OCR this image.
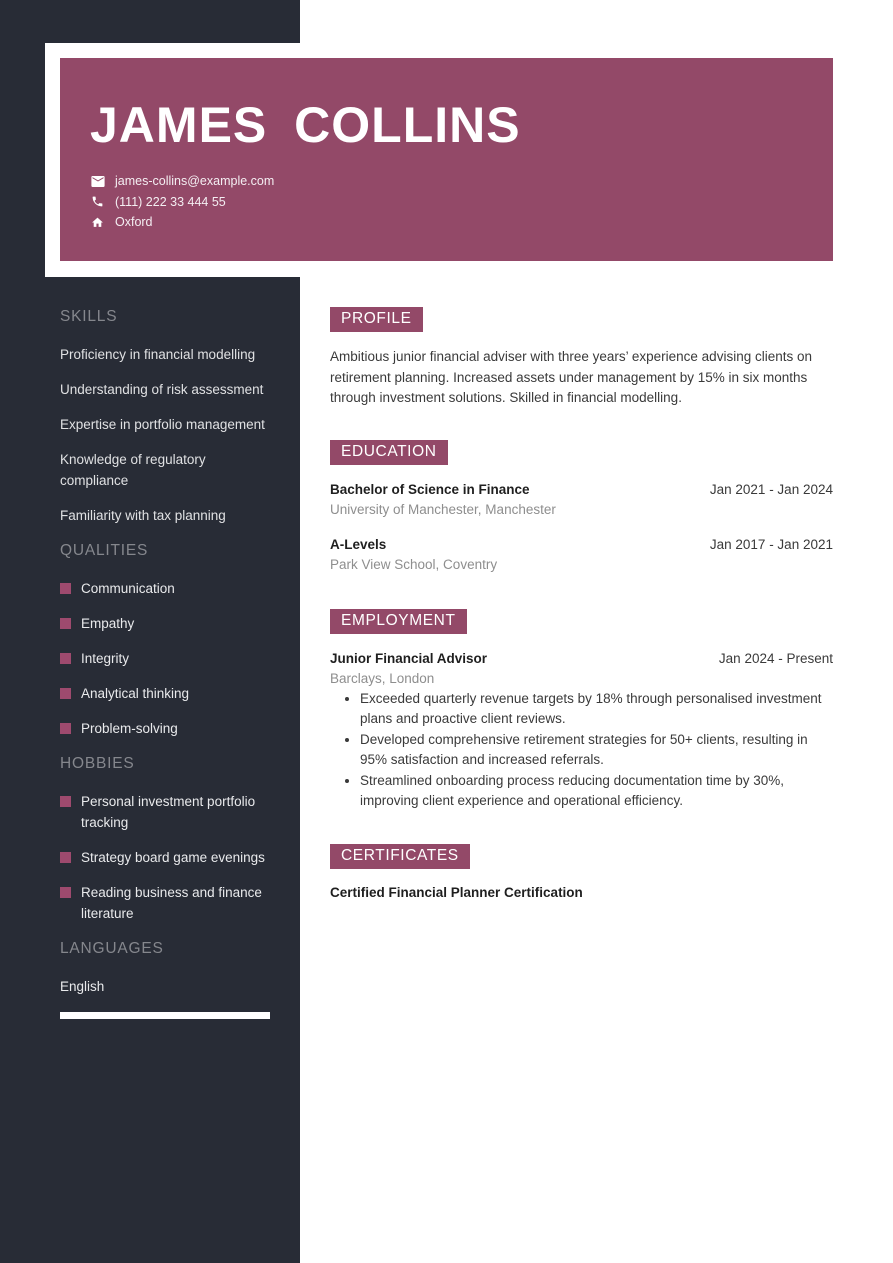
JAMES COLLINS
james-collins@example.com
(111) 222 33 444 55
Oxford
SKILLS
Proficiency in financial modelling
Understanding of risk assessment
Expertise in portfolio management
Knowledge of regulatory compliance
Familiarity with tax planning
QUALITIES
Communication
Empathy
Integrity
Analytical thinking
Problem-solving
HOBBIES
Personal investment portfolio tracking
Strategy board game evenings
Reading business and finance literature
LANGUAGES
English
PROFILE

Ambitious junior financial adviser with three years’ experience advising clients on retirement planning. Increased assets under management by 15% in six months through investment solutions. Skilled in financial modelling.

EDUCATION
Bachelor of Science in Finance	Jan 2021 - Jan 2024
University of Manchester, Manchester
A-Levels	Jan 2017 - Jan 2021
Park View School, Coventry
EMPLOYMENT
Junior Financial Advisor	Jan 2024 - Present
Barclays, London
• Exceeded quarterly revenue targets by 18% through personalised investment plans and proactive client reviews.
• Developed comprehensive retirement strategies for 50+ clients, resulting in 95% satisfaction and increased referrals.
• Streamlined onboarding process reducing documentation time by 30%, improving client experience and operational efficiency.
CERTIFICATES
Certified Financial Planner Certification
